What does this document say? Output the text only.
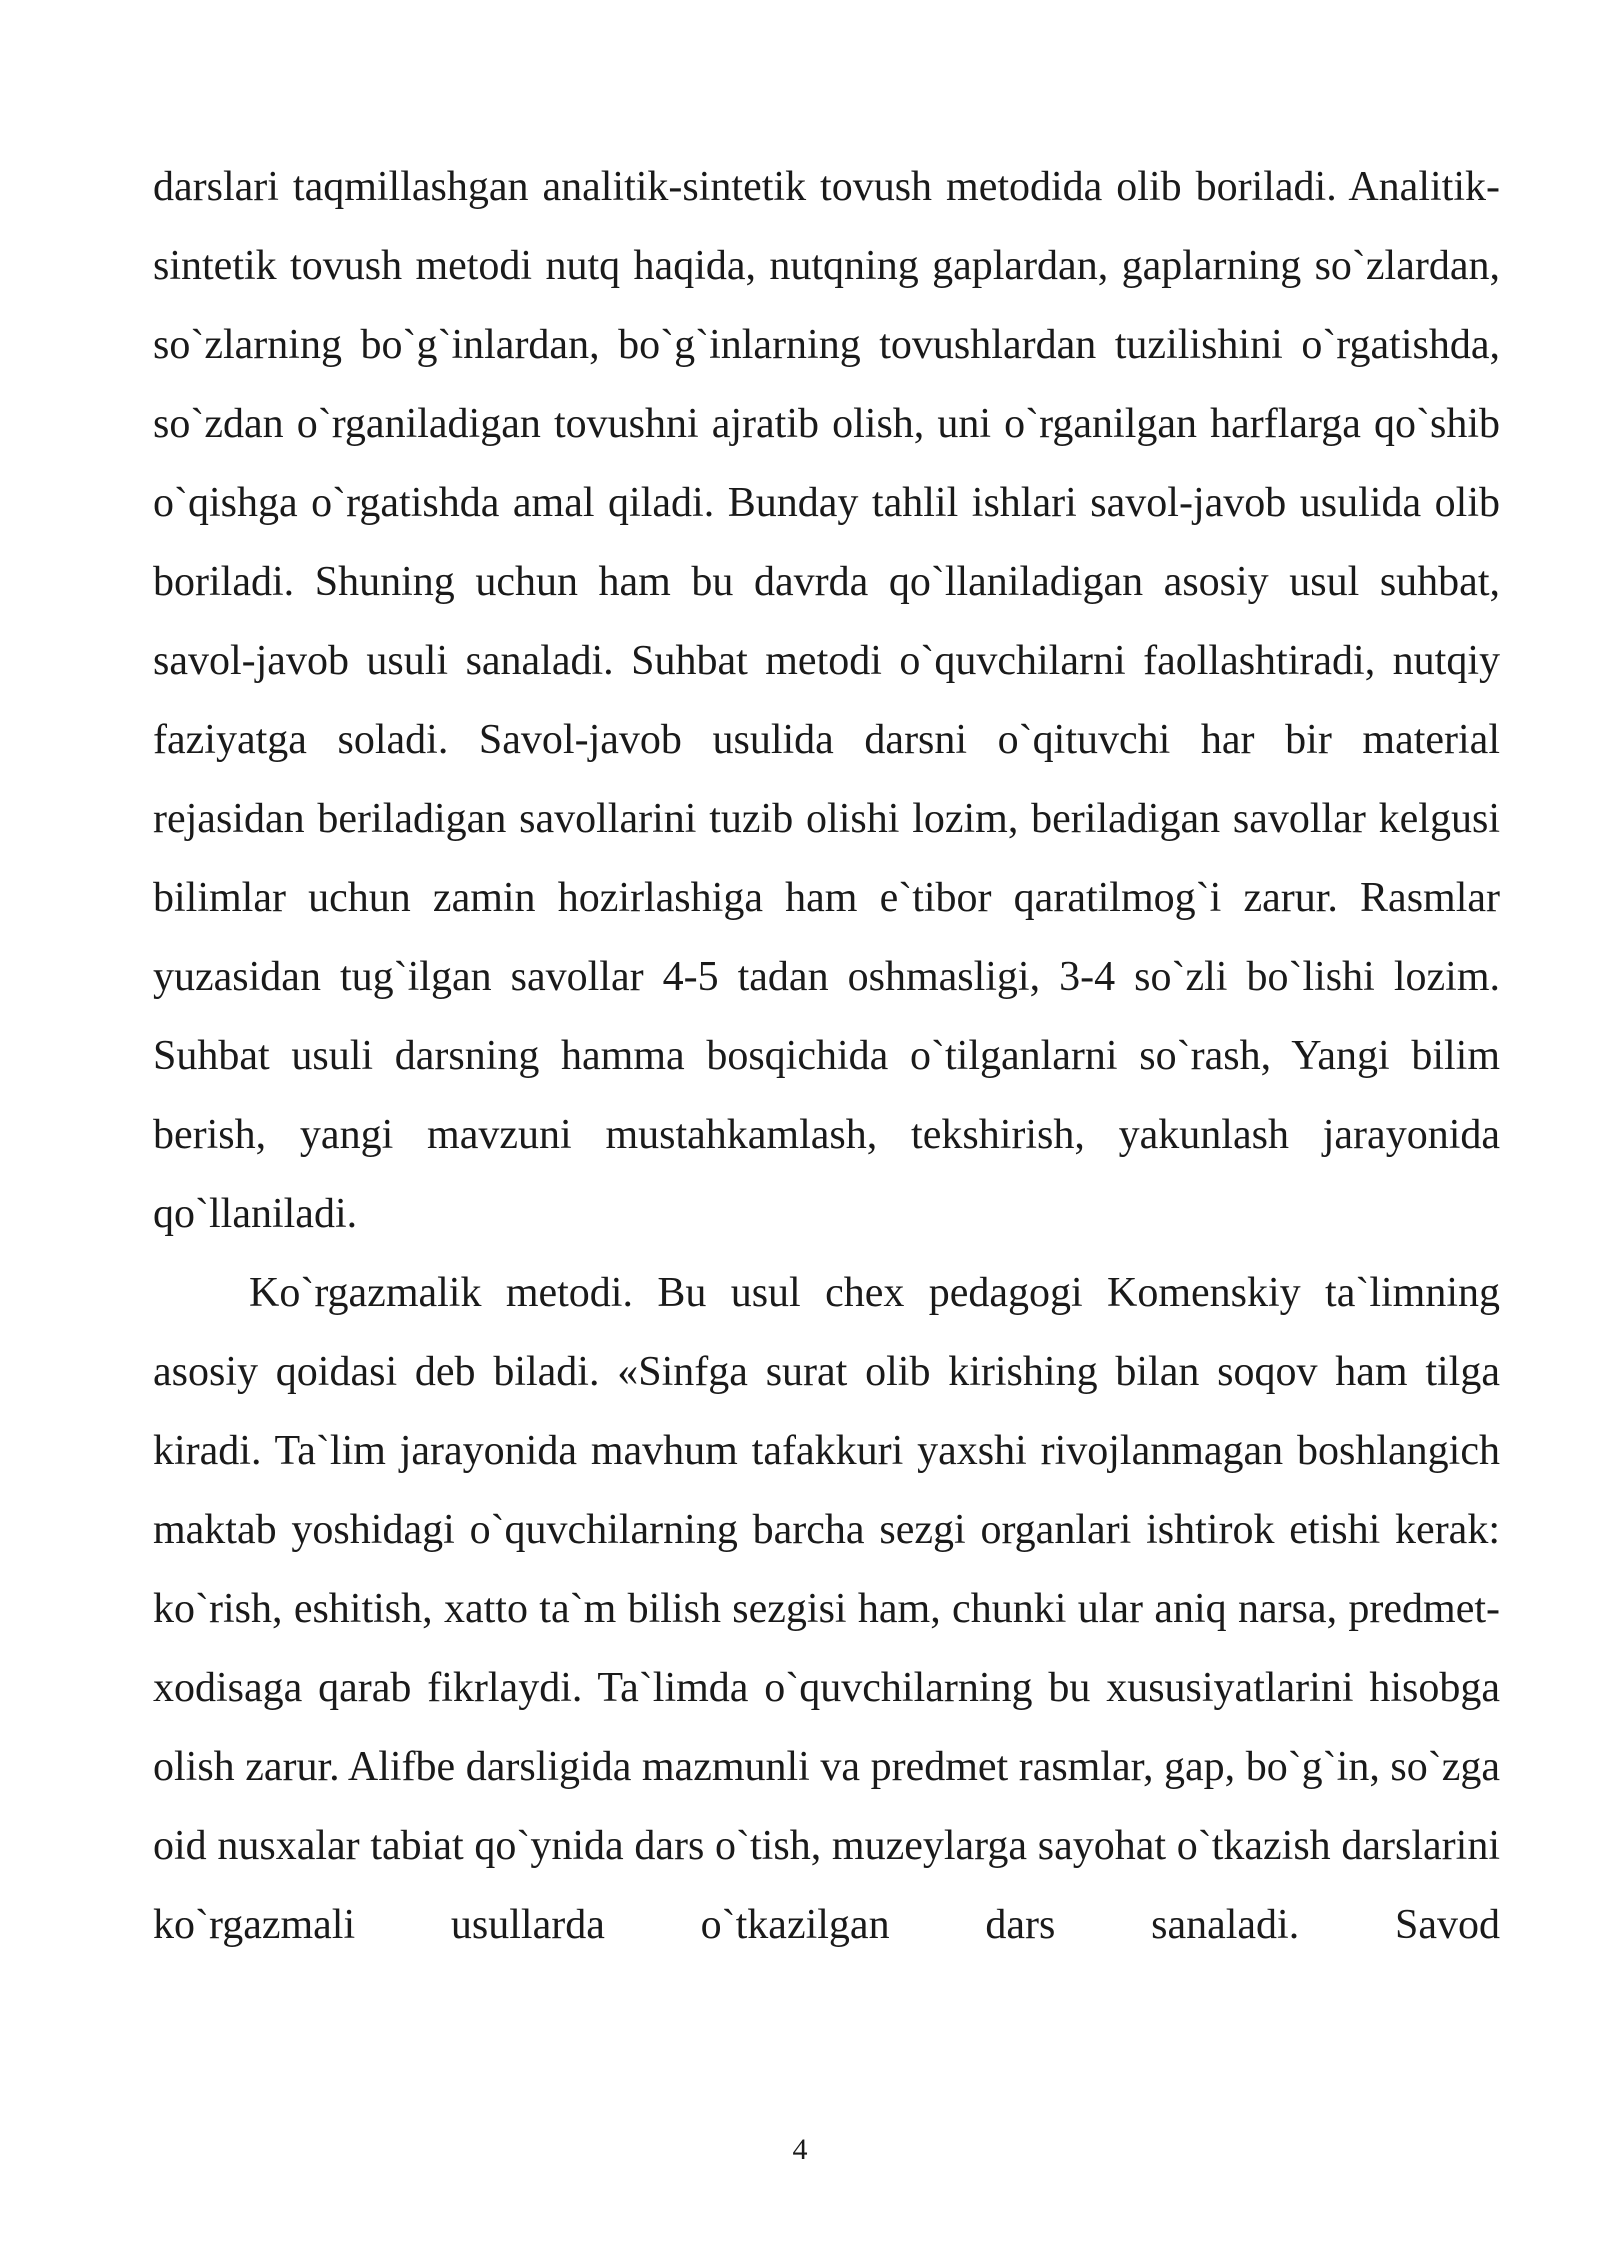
darslari taqmillashgan analitik-sintetik tovush metodida olib boriladi. Analitik-sintetik tovush metodi nutq haqida, nutqning gaplardan, gaplarning so`zlardan, so`zlarning bo`g`inlardan, bo`g`inlarning tovushlardan tuzilishini o`rgatishda, so`zdan o`rganiladigan tovushni ajratib olish, uni o`rganilgan harflarga qo`shib o`qishga o`rgatishda amal qiladi. Bunday tahlil ishlari savol-javob usulida olib boriladi. Shuning uchun ham bu davrda qo`llaniladigan asosiy usul suhbat, savol-javob usuli sanaladi. Suhbat metodi o`quvchilarni faollashtiradi, nutqiy faziyatga soladi. Savol-javob usulida darsni o`qituvchi har bir material rejasidan beriladigan savollarini tuzib olishi lozim, beriladigan savollar kelgusi bilimlar uchun zamin hozirlashiga ham e`tibor qaratilmog`i zarur. Rasmlar yuzasidan tug`ilgan savollar 4-5 tadan oshmasligi, 3-4 so`zli bo`lishi lozim. Suhbat usuli darsning hamma bosqichida o`tilganlarni so`rash, Yangi bilim berish, yangi mavzuni mustahkamlash, tekshirish, yakunlash jarayonida qo`llaniladi.

Ko`rgazmalik metodi. Bu usul chex pedagogi Komenskiy ta`limning asosiy qoidasi deb biladi. «Sinfga surat olib kirishing bilan soqov ham tilga kiradi. Ta`lim jarayonida mavhum tafakkuri yaxshi rivojlanmagan boshlangich maktab yoshidagi o`quvchilarning barcha sezgi organlari ishtirok etishi kerak: ko`rish, eshitish, xatto ta`m bilish sezgisi ham, chunki ular aniq narsa, predmet-xodisaga qarab fikrlaydi. Ta`limda o`quvchilarning bu xususiyatlarini hisobga olish zarur. Alifbe darsligida mazmunli va predmet rasmlar, gap, bo`g`in, so`zga oid nusxalar tabiat qo`ynida dars o`tish, muzeylarga sayohat o`tkazish darslarini ko`rgazmali usullarda o`tkazilgan dars sanaladi. Savod

4
